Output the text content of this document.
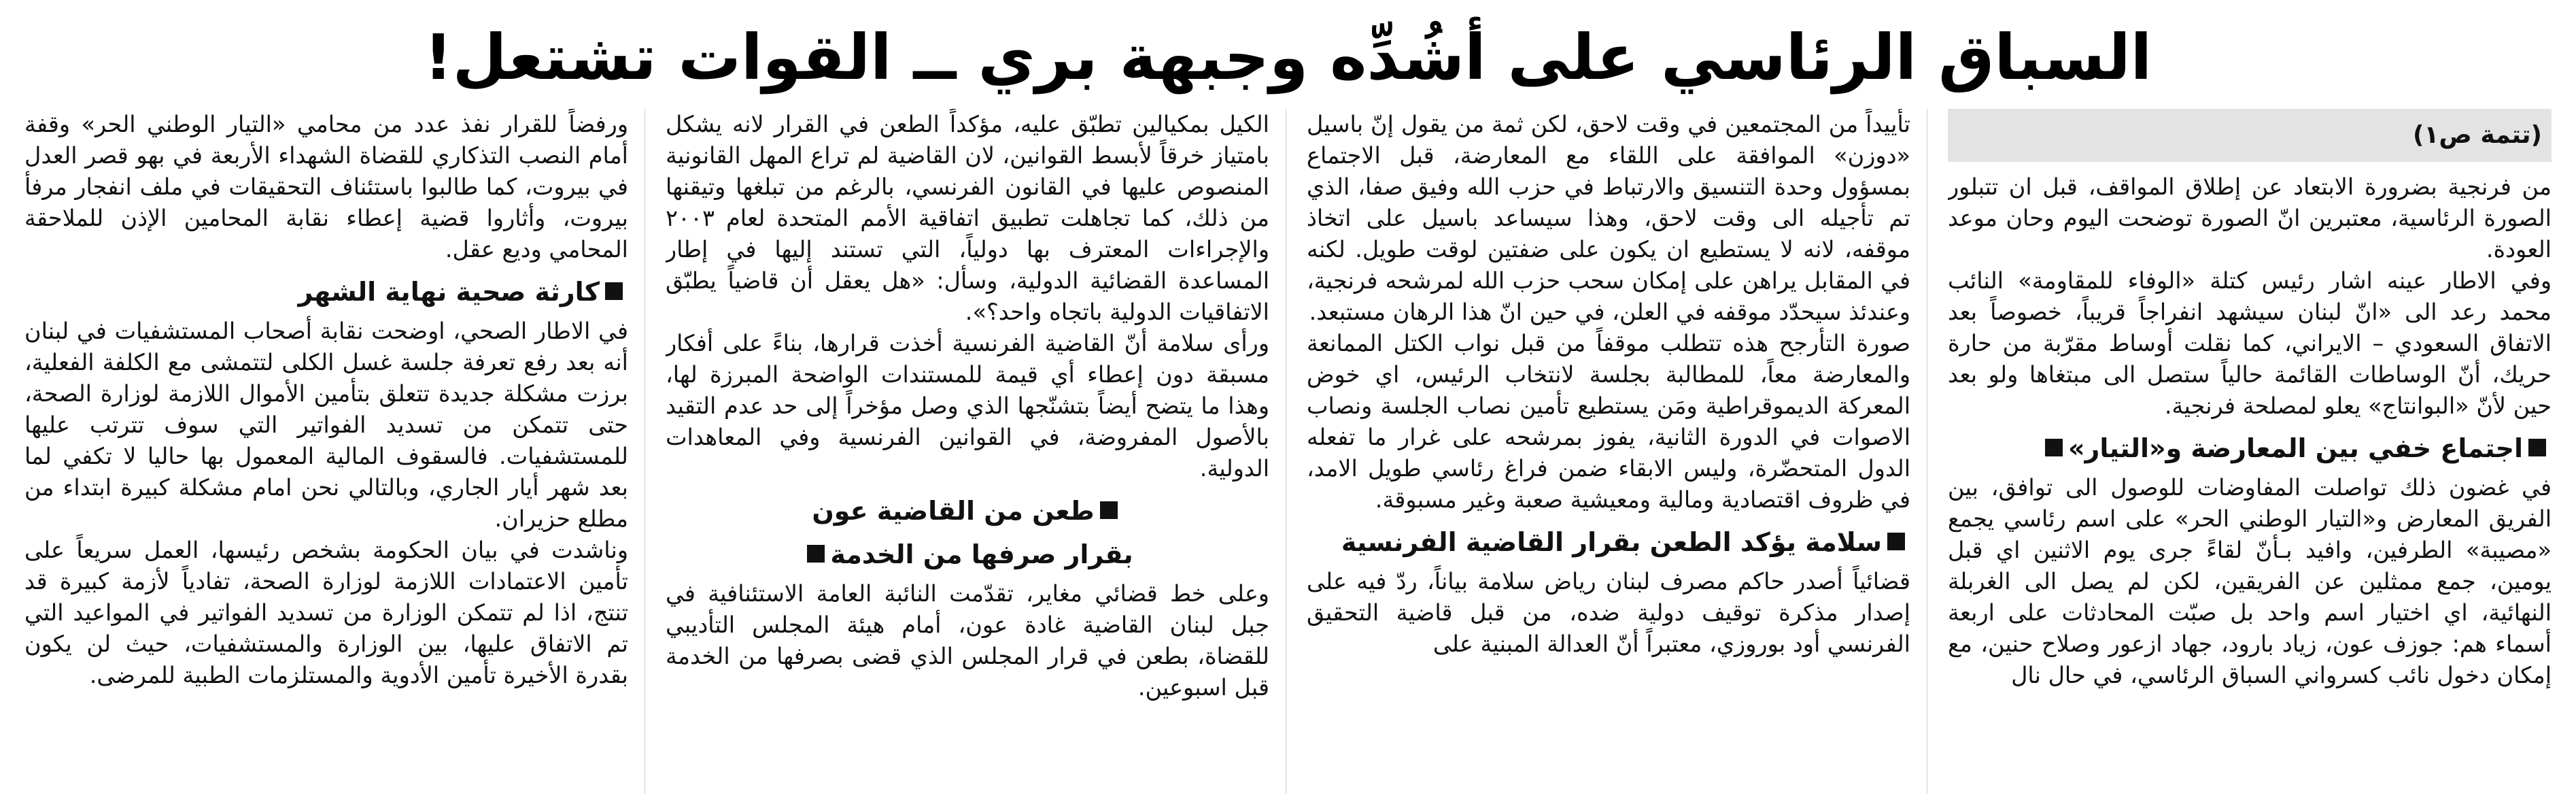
السباق الرئاسي على أشُدِّه وجبهة بري ــ القوات تشتعل!
(تتمة ص١)

من فرنجية بضرورة الابتعاد عن إطلاق المواقف، قبل ان تتبلور الصورة الرئاسية، معتبرين انّ الصورة توضحت اليوم وحان موعد العودة.

وفي الاطار عينه اشار رئيس كتلة «الوفاء للمقاومة» النائب محمد رعد الى «انّ لبنان سيشهد انفراجاً قريباً، خصوصاً بعد الاتفاق السعودي – الايراني، كما نقلت أوساط مقرّبة من حارة حريك، أنّ الوساطات القائمة حالياً ستصل الى مبتغاها ولو بعد حين لأنّ «البوانتاج» يعلو لمصلحة فرنجية.

اجتماع خفي بين المعارضة و«التيار»

في غضون ذلك تواصلت المفاوضات للوصول الى توافق، بين الفريق المعارض و«التيار الوطني الحر» على اسم رئاسي يجمع «مصيبة» الطرفين، وافيد بـأنّ لقاءً جرى يوم الاثنين اي قبل يومين، جمع ممثلين عن الفريقين، لكن لم يصل الى الغربلة النهائية، اي اختيار اسم واحد بل صبّت المحادثات على اربعة أسماء هم: جوزف عون، زياد بارود، جهاد ازعور وصلاح حنين، مع إمكان دخول نائب كسرواني السباق الرئاسي، في حال نال

تأييداً من المجتمعين في وقت لاحق، لكن ثمة من يقول إنّ باسيل «دوزن» الموافقة على اللقاء مع المعارضة، قبل الاجتماع بمسؤول وحدة التنسيق والارتباط في حزب الله وفيق صفا، الذي تم تأجيله الى وقت لاحق، وهذا سيساعد باسيل على اتخاذ موقفه، لانه لا يستطيع ان يكون على ضفتين لوقت طويل. لكنه في المقابل يراهن على إمكان سحب حزب الله لمرشحه فرنجية، وعندئذ سيحدّد موقفه في العلن، في حين انّ هذا الرهان مستبعد.

صورة التأرجح هذه تتطلب موقفاً من قبل نواب الكتل الممانعة والمعارضة معاً، للمطالبة بجلسة لانتخاب الرئيس، اي خوض المعركة الديموقراطية ومَن يستطيع تأمين نصاب الجلسة ونصاب الاصوات في الدورة الثانية، يفوز بمرشحه على غرار ما تفعله الدول المتحضّرة، وليس الابقاء ضمن فراغ رئاسي طويل الامد، في ظروف اقتصادية ومالية ومعيشية صعبة وغير مسبوقة.

سلامة يؤكد الطعن بقرار القاضية الفرنسية

قضائياً أصدر حاكم مصرف لبنان رياض سلامة بياناً، ردّ فيه على إصدار مذكرة توقيف دولية ضده، من قبل قاضية التحقيق الفرنسي أود بوروزي، معتبراً أنّ العدالة المبنية على

الكيل بمكيالين تطبّق عليه، مؤكداً الطعن في القرار لانه يشكل بامتياز خرقاً لأبسط القوانين، لان القاضية لم تراع المهل القانونية المنصوص عليها في القانون الفرنسي، بالرغم من تبلغها وتيقنها من ذلك، كما تجاهلت تطبيق اتفاقية الأمم المتحدة لعام ٢٠٠٣ والإجراءات المعترف بها دولياً، التي تستند إليها في إطار المساعدة القضائية الدولية، وسأل: «هل يعقل أن قاضياً يطبّق الاتفاقيات الدولية باتجاه واحد؟».

ورأى سلامة أنّ القاضية الفرنسية أخذت قرارها، بناءً على أفكار مسبقة دون إعطاء أي قيمة للمستندات الواضحة المبرزة لها، وهذا ما يتضح أيضاً بتشنّجها الذي وصل مؤخراً إلى حد عدم التقيد بالأصول المفروضة، في القوانين الفرنسية وفي المعاهدات الدولية.

طعن من القاضية عون
بقرار صرفها من الخدمة

وعلى خط قضائي مغاير، تقدّمت النائبة العامة الاستئنافية في جبل لبنان القاضية غادة عون، أمام هيئة المجلس التأديبي للقضاة، بطعن في قرار المجلس الذي قضى بصرفها من الخدمة قبل اسبوعين.

ورفضاً للقرار نفذ عدد من محامي «التيار الوطني الحر» وقفة أمام النصب التذكاري للقضاة الشهداء الأربعة في بهو قصر العدل في بيروت، كما طالبوا باستئناف التحقيقات في ملف انفجار مرفأ بيروت، وأثاروا قضية إعطاء نقابة المحامين الإذن للملاحقة المحامي وديع عقل.

كارثة صحية نهاية الشهر

في الاطار الصحي، اوضحت نقابة أصحاب المستشفيات في لبنان أنه بعد رفع تعرفة جلسة غسل الكلى لتتمشى مع الكلفة الفعلية، برزت مشكلة جديدة تتعلق بتأمين الأموال اللازمة لوزارة الصحة، حتى تتمكن من تسديد الفواتير التي سوف تترتب عليها للمستشفيات. فالسقوف المالية المعمول بها حاليا لا تكفي لما بعد شهر أيار الجاري، وبالتالي نحن امام مشكلة كبيرة ابتداء من مطلع حزيران.

وناشدت في بيان الحكومة بشخص رئيسها، العمل سريعاً على تأمين الاعتمادات اللازمة لوزارة الصحة، تفادياً لأزمة كبيرة قد تنتج، اذا لم تتمكن الوزارة من تسديد الفواتير في المواعيد التي تم الاتفاق عليها، بين الوزارة والمستشفيات، حيث لن يكون بقدرة الأخيرة تأمين الأدوية والمستلزمات الطبية للمرضى.
